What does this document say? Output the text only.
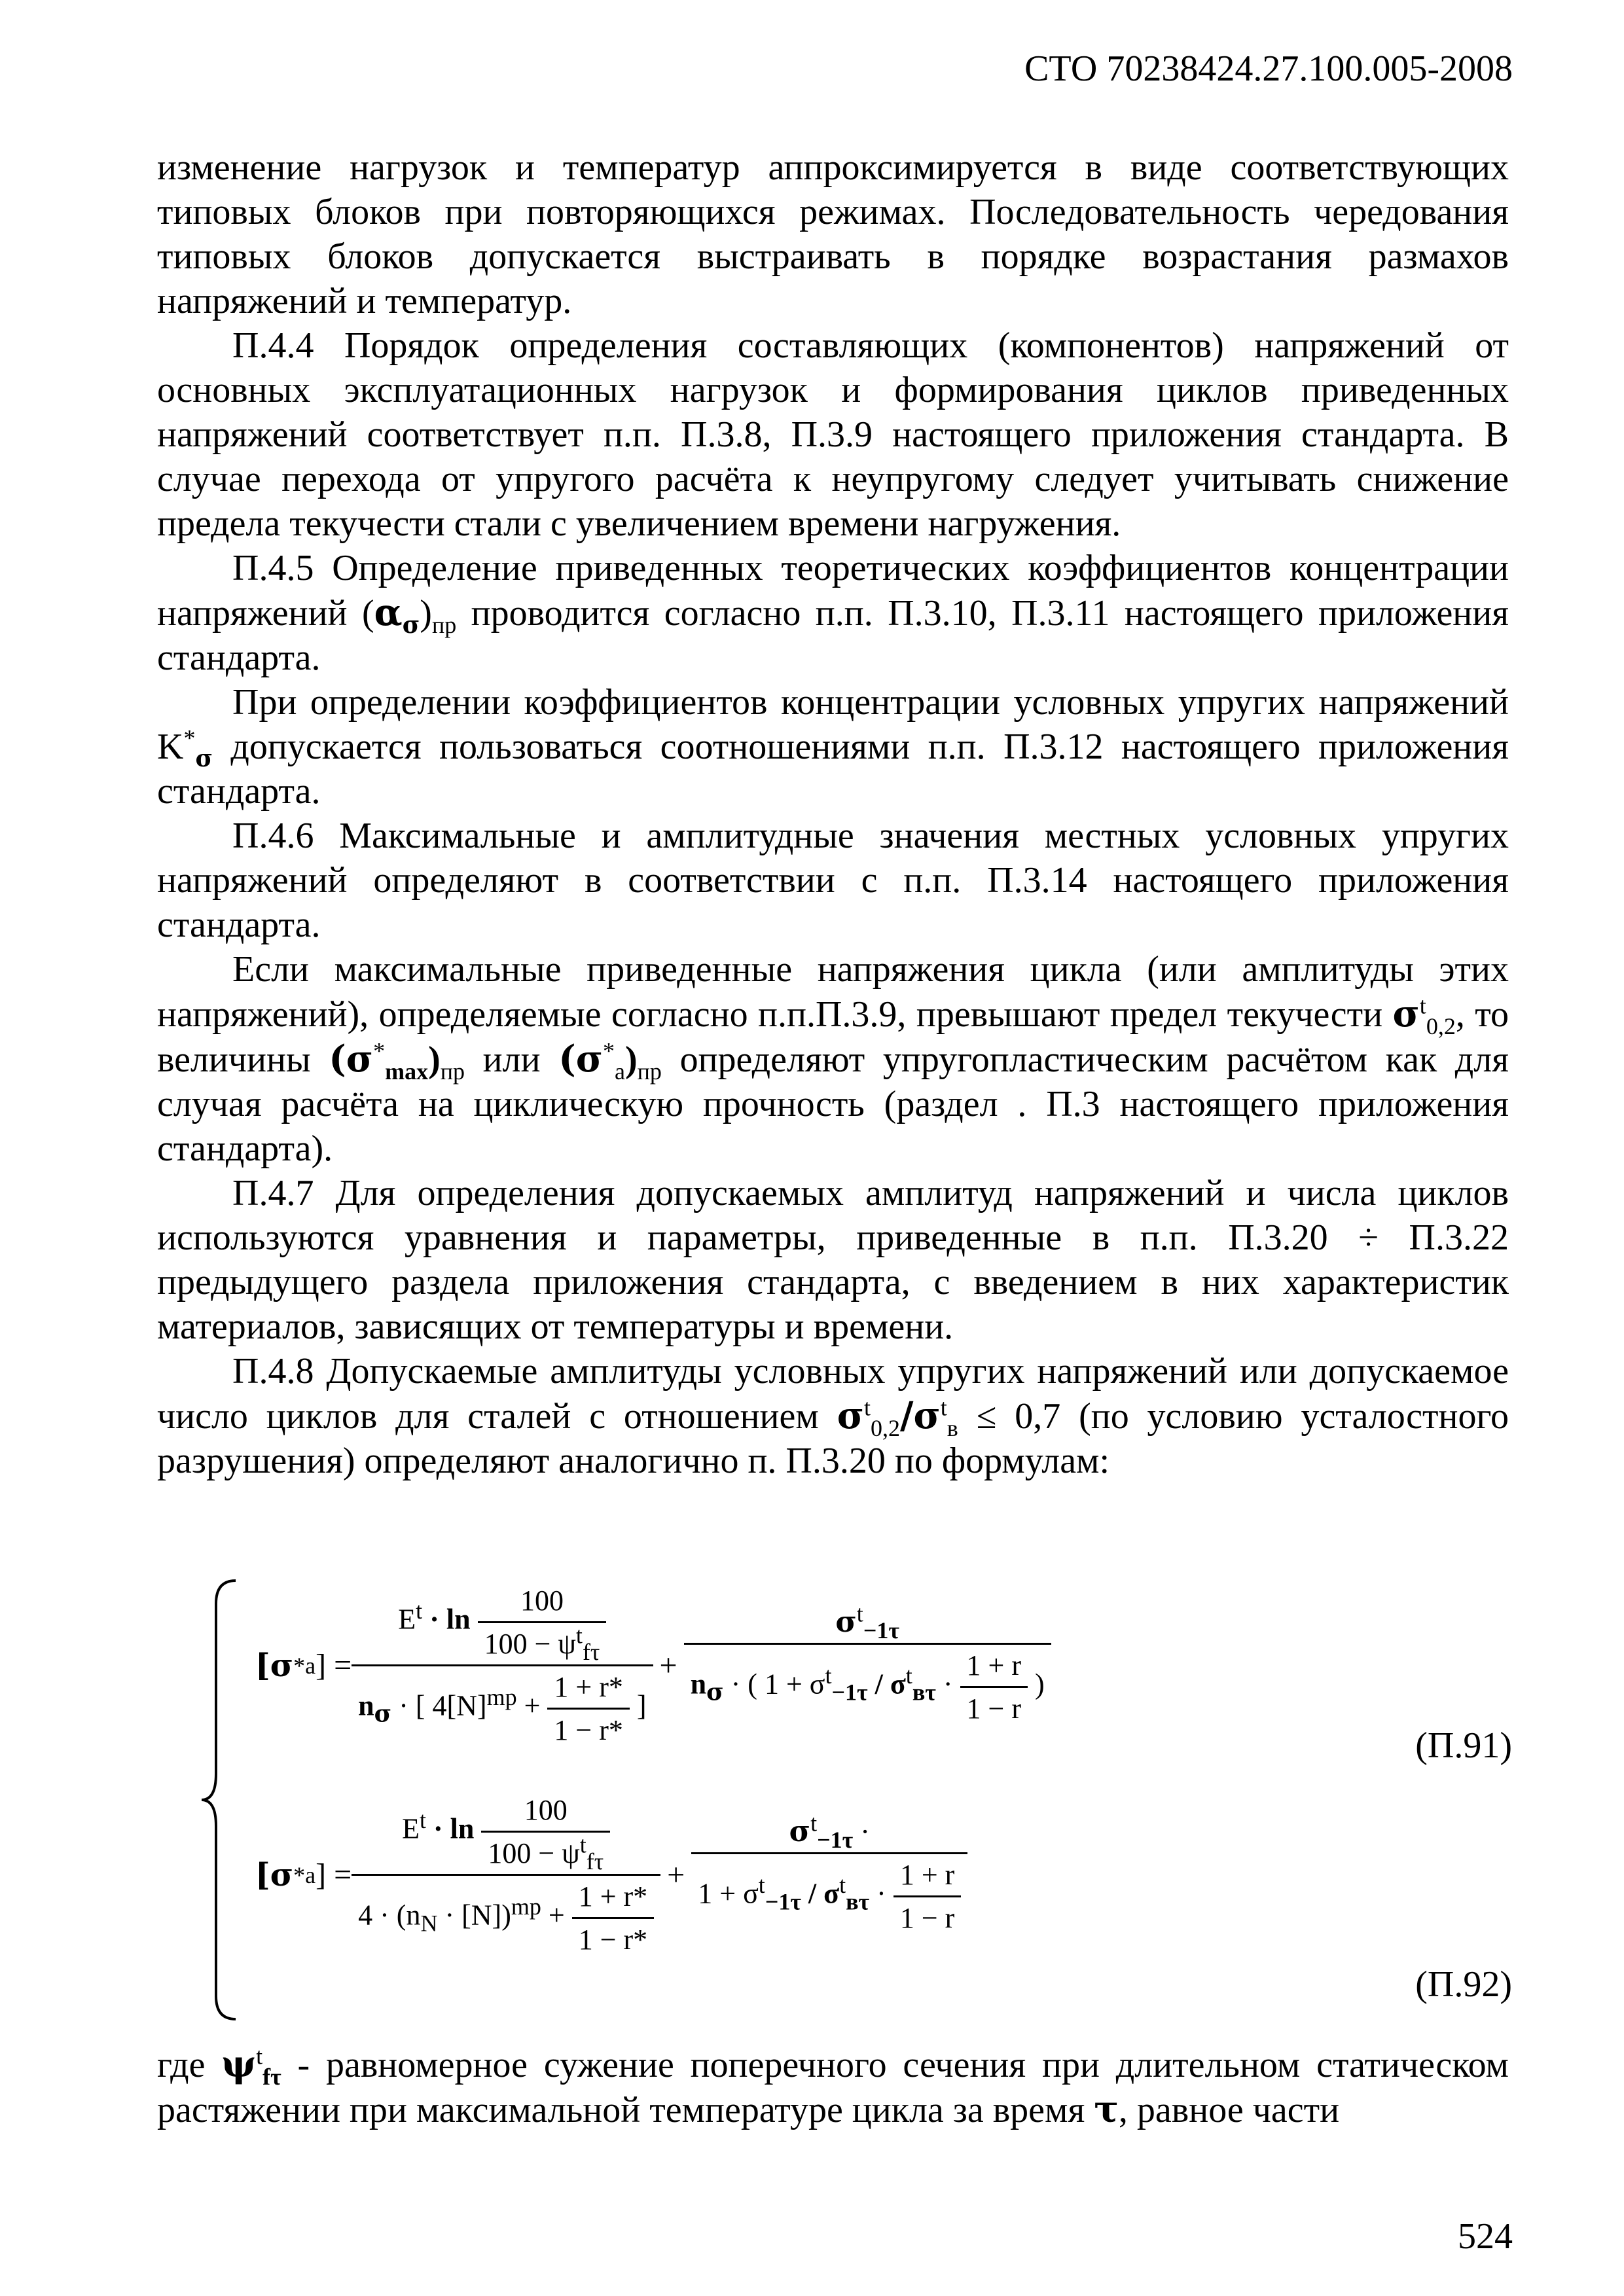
СТО 70238424.27.100.005-2008

изменение нагрузок и температур аппроксимируется в виде соответствующих типовых блоков при повторяющихся режимах. Последовательность чередования типовых блоков допускается выстраивать в порядке возрастания размахов напряжений и температур.

П.4.4 Порядок определения составляющих (компонентов) напряжений от основных эксплуатационных нагрузок и формирования циклов приведенных напряжений соответствует п.п. П.3.8, П.3.9 настоящего приложения стандарта. В случае перехода от упругого расчёта к неупругому следует учитывать снижение предела текучести стали с увеличением времени нагружения.

П.4.5 Определение приведенных теоретических коэффициентов концентрации напряжений $(\alpha_\sigma)_{пр}$ проводится согласно п.п. П.3.10, П.3.11 настоящего приложения стандарта.

При определении коэффициентов концентрации условных упругих напряжений $K^*_\sigma$ допускается пользоваться соотношениями п.п. П.3.12 настоящего приложения стандарта.

П.4.6 Максимальные и амплитудные значения местных условных упругих напряжений определяют в соответствии с п.п. П.3.14 настоящего приложения стандарта.

Если максимальные приведенные напряжения цикла (или амплитуды этих напряжений), определяемые согласно п.п.П.3.9, превышают предел текучести $\sigma^t_{0,2}$, то величины $(\sigma^*_{max})_{пр}$ или $(\sigma^*_a)_{пр}$ определяют упругопластическим расчётом как для случая расчёта на циклическую прочность (раздел . П.3 настоящего приложения стандарта).

П.4.7 Для определения допускаемых амплитуд напряжений и числа циклов используются уравнения и параметры, приведенные в п.п. П.3.20 ÷ П.3.22 предыдущего раздела приложения стандарта, с введением в них характеристик материалов, зависящих от температуры и времени.

П.4.8 Допускаемые амплитуды условных упругих напряжений или допускаемое число циклов для сталей с отношением $\sigma^t_{0,2}/\sigma^t_в \le 0,7$ (по условию усталостного разрушения) определяют аналогично п. П.3.20 по формулам:

[σ * a ] =
$E^t \cdot \ln \frac{100}{100 - \psi^t_{f\tau}}$
$n_\sigma$ · [ $4[N]^{mp} + \frac{1 + r*}{1 - r*}$ ]
+
$\sigma^t_{-1\tau}$
$n_\sigma$ · ( $1 + \sigma^t_{-1\tau} / \sigma^t_{в\tau} \cdot \frac{1 + r}{1 - r}$ )
(П.91)
[σ * a ] =
$E^t \cdot \ln \frac{100}{100 - \psi^t_{f\tau}}$
$4 \cdot (n_N \cdot [N])^{mp} + \frac{1 + r*}{1 - r*}$
+
$\sigma^t_{-1\tau}$ ·
$1 + \sigma^t_{-1\tau} / \sigma^t_{в\tau} \cdot \frac{1 + r}{1 - r}$
(П.92)

где $\psi^t_{f\tau}$ - равномерное сужение поперечного сечения при длительном статическом растяжении при максимальной температуре цикла за время τ, равное части

524
